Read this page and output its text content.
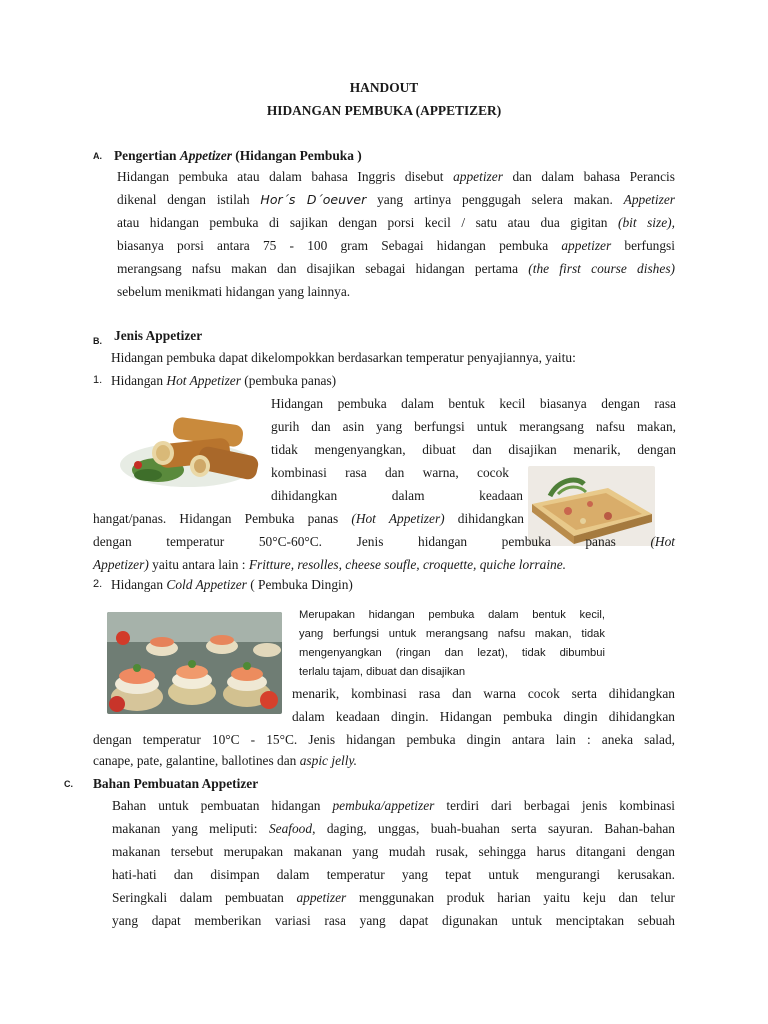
HANDOUT

HIDANGAN PEMBUKA (APPETIZER)

A. Pengertian Appetizer (Hidangan Pembuka )

Hidangan pembuka atau dalam bahasa Inggris disebut appetizer dan dalam bahasa Perancis

dikenal dengan istilah Hor´s D´oeuver yang artinya penggugah selera makan. Appetizer

atau hidangan pembuka di sajikan dengan porsi kecil / satu atau dua gigitan (bit size),

biasanya porsi antara 75 - 100 gram Sebagai hidangan pembuka appetizer berfungsi

merangsang nafsu makan dan disajikan sebagai hidangan pertama (the first course dishes)

sebelum menikmati hidangan yang lainnya.

B. Jenis Appetizer

Hidangan pembuka dapat dikelompokkan berdasarkan temperatur penyajiannya, yaitu:

1. Hidangan Hot Appetizer (pembuka panas)

Hidangan pembuka dalam bentuk kecil biasanya dengan rasa

gurih dan asin yang berfungsi untuk merangsang nafsu makan,

tidak mengenyangkan, dibuat dan disajikan menarik, dengan

kombinasi rasa dan warna, cocok

dihidangkan dalam keadaan

hangat/panas. Hidangan Pembuka panas (Hot Appetizer) dihidangkan

dengan temperatur 50°C-60°C. Jenis hidangan pembuka panas (Hot

Appetizer) yaitu antara lain : Fritture, resolles, cheese soufle, croquette, quiche lorraine.

2. Hidangan Cold Appetizer ( Pembuka Dingin)

Merupakan hidangan pembuka dalam bentuk kecil,

yang berfungsi untuk merangsang nafsu makan, tidak

mengenyangkan (ringan dan lezat), tidak dibumbui

terlalu tajam, dibuat dan disajikan

menarik, kombinasi rasa dan warna cocok serta dihidangkan

dalam keadaan dingin. Hidangan pembuka dingin dihidangkan

dengan temperatur 10°C - 15°C. Jenis hidangan pembuka dingin antara lain : aneka salad,

canape, pate, galantine, ballotines dan aspic jelly.

C. Bahan Pembuatan Appetizer

Bahan untuk pembuatan hidangan pembuka/appetizer terdiri dari berbagai jenis kombinasi

makanan yang meliputi: Seafood, daging, unggas, buah-buahan serta sayuran. Bahan-bahan

makanan tersebut merupakan makanan yang mudah rusak, sehingga harus ditangani dengan

hati-hati dan disimpan dalam temperatur yang tepat untuk mengurangi kerusakan.

Seringkali dalam pembuatan appetizer menggunakan produk harian yaitu keju dan telur

yang dapat memberikan variasi rasa yang dapat digunakan untuk menciptakan sebuah
